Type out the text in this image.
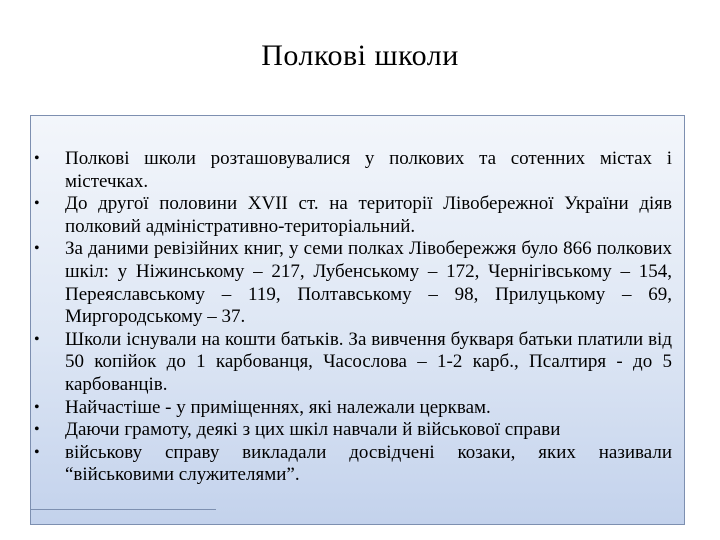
Полкові школи
•	Полкові школи розташовувалися у полкових та сотенних містах і містечках.
•	До другої половини XVII ст. на території Лівобережної України діяв полковий адміністративно-територіальний.
•	За даними ревізійних книг, у семи полках Лівобережжя було 866 полкових шкіл: у Ніжинському – 217, Лубенському – 172, Чернігівському – 154, Переяславському – 119, Полтавському – 98, Прилуцькому – 69, Миргородському – 37.
•	Школи існували на кошти батьків. За вивчення букваря батьки платили від 50 копійок до 1 карбованця, Часослова – 1-2 карб., Псалтиря - до 5 карбованців.
•	Найчастіше - у приміщеннях, які належали церквам.
•	Даючи грамоту, деякі з цих шкіл навчали й військової справи
•	військову справу викладали досвідчені козаки, яких називали “військовими служителями”.
